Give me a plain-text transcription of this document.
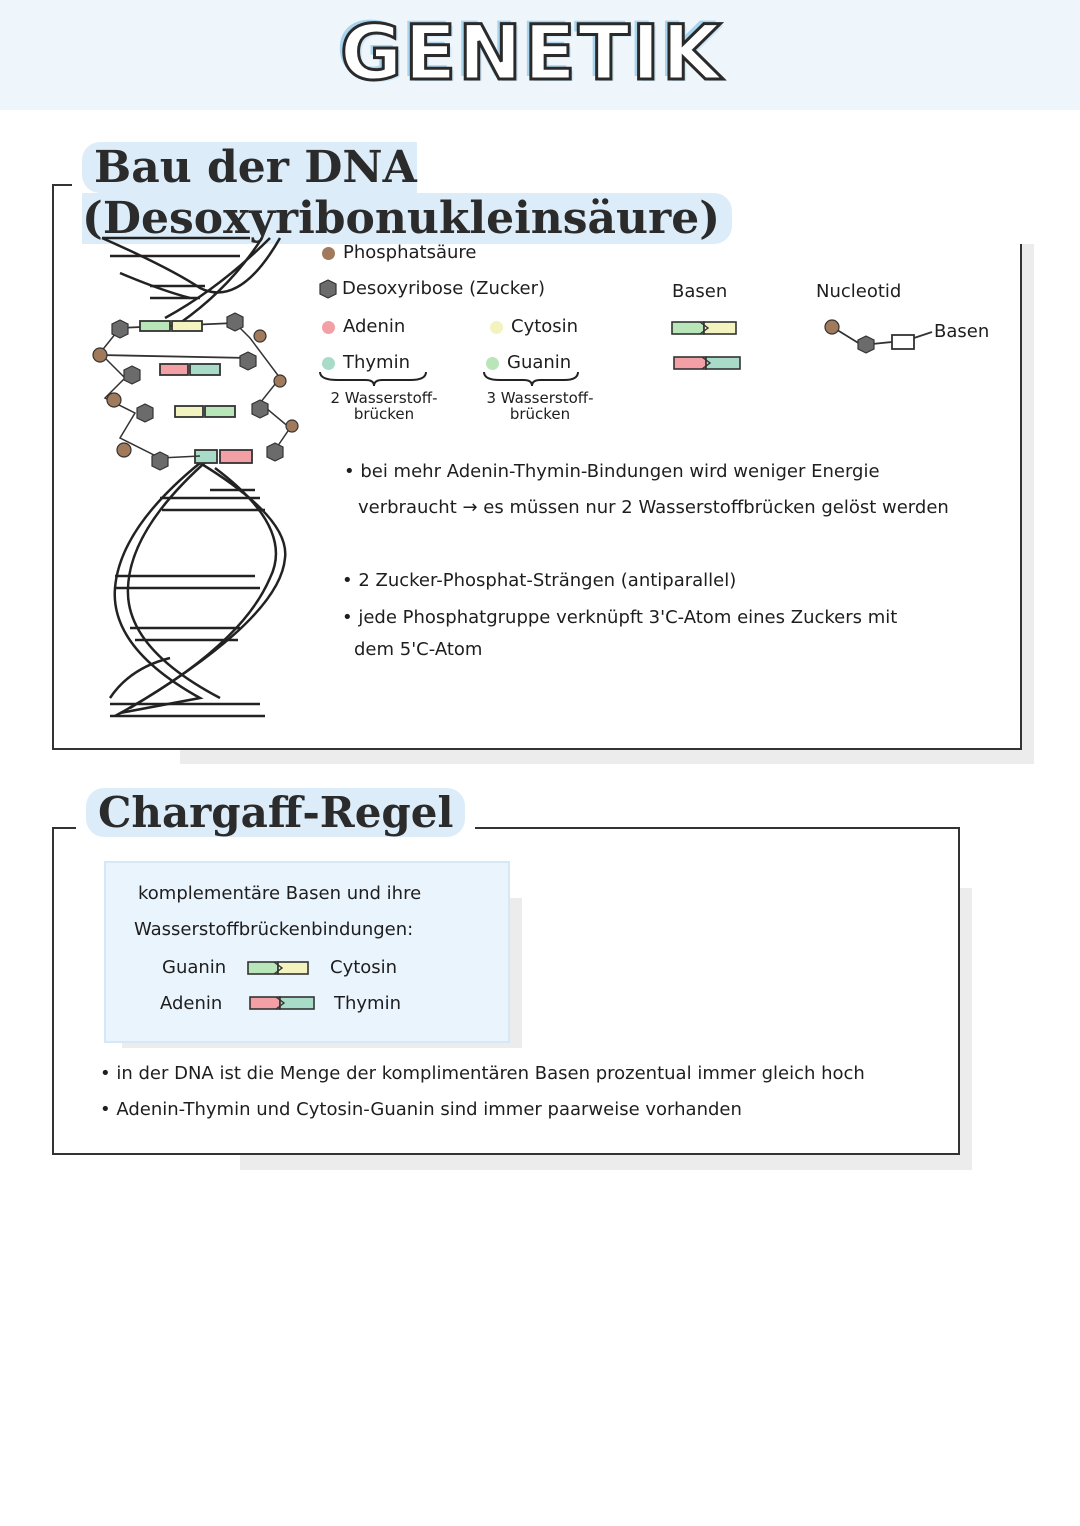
GENETIK
Bau der DNA (Desoxyribonukleinsäure)
Phosphatsäure
Desoxyribose (Zucker)
Adenin
Thymin
Cytosin
Guanin
2 Wasserstoff-brücken
3 Wasserstoff-brücken
Basen	Nucleotid
Basen
• bei mehr Adenin-Thymin-Bindungen wird weniger Energie
verbraucht → es müssen nur 2 Wasserstoffbrücken gelöst werden
• 2 Zucker-Phosphat-Strängen (antiparallel)
• jede Phosphatgruppe verknüpft 3'C-Atom eines Zuckers mit
dem 5'C-Atom
Chargaff-Regel
komplementäre Basen und ihre
Wasserstoffbrückenbindungen:
Guanin	Cytosin
Adenin	Thymin
• in der DNA ist die Menge der komplimentären Basen prozentual immer gleich hoch
• Adenin-Thymin und Cytosin-Guanin sind immer paarweise vorhanden
